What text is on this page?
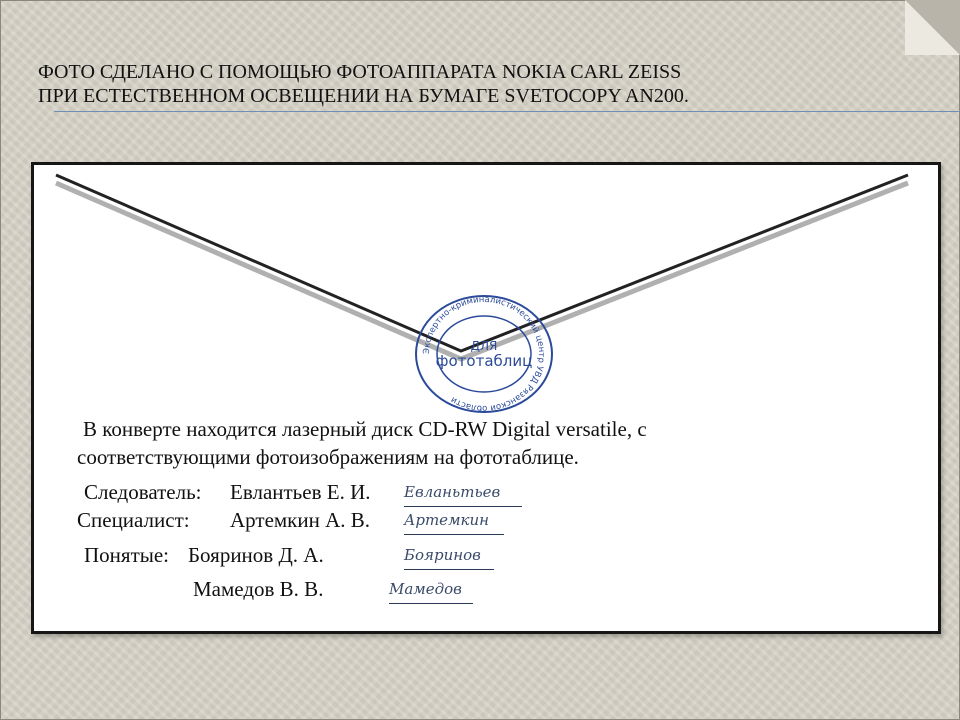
ФОТО СДЕЛАНО С ПОМОЩЬЮ ФОТОАППАРАТА NOKIA CARL ZEISS
ПРИ ЕСТЕСТВЕННОМ ОСВЕЩЕНИИ НА БУМАГЕ SVETOCOPY AN200.
Экспертно-криминалистический центр УВД Рязанской области
ДЛЯ
фототаблиц
В конверте находится лазерный диск CD-RW Digital versatile, с
соответствующими фотоизображениям на фототаблице.
Следователь: Евлантьев Е. И. Евланьтьев
Специалист: Артемкин А. В. Артемкин
Понятые: Бояринов Д. А.	Бояринов
Мамедов В. В.	Мамедов
